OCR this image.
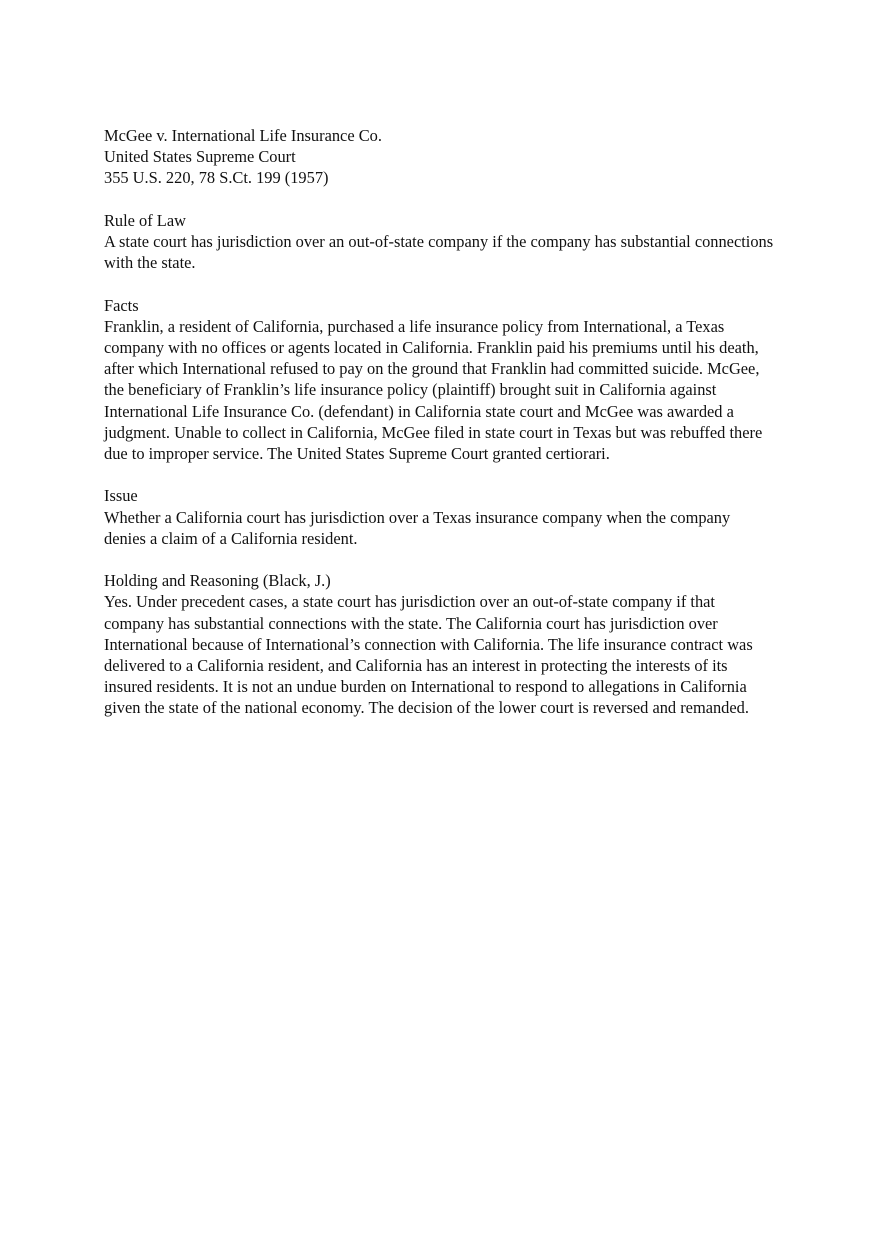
McGee v. International Life Insurance Co.
United States Supreme Court
355 U.S. 220, 78 S.Ct. 199 (1957)
Rule of Law
A state court has jurisdiction over an out-of-state company if the company has substantial connections with the state.
Facts
Franklin, a resident of California, purchased a life insurance policy from International, a Texas company with no offices or agents located in California. Franklin paid his premiums until his death, after which International refused to pay on the ground that Franklin had committed suicide. McGee, the beneficiary of Franklin’s life insurance policy (plaintiff) brought suit in California against International Life Insurance Co. (defendant) in California state court and McGee was awarded a judgment. Unable to collect in California, McGee filed in state court in Texas but was rebuffed there due to improper service. The United States Supreme Court granted certiorari.
Issue
Whether a California court has jurisdiction over a Texas insurance company when the company denies a claim of a California resident.
Holding and Reasoning (Black, J.)
Yes. Under precedent cases, a state court has jurisdiction over an out-of-state company if that company has substantial connections with the state. The California court has jurisdiction over International because of International’s connection with California. The life insurance contract was delivered to a California resident, and California has an interest in protecting the interests of its insured residents. It is not an undue burden on International to respond to allegations in California given the state of the national economy. The decision of the lower court is reversed and remanded.
